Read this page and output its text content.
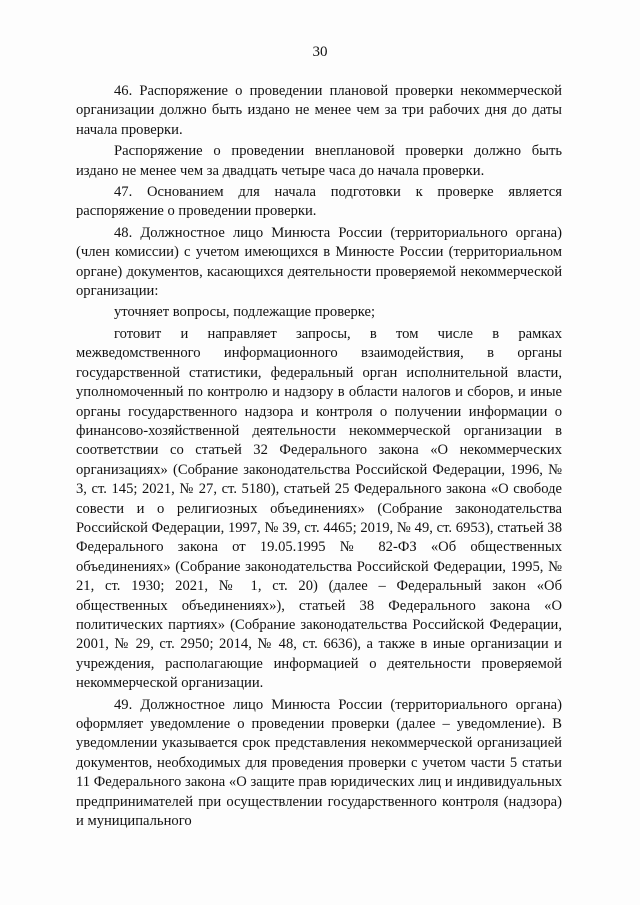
30

46. Распоряжение о проведении плановой проверки некоммерческой организации должно быть издано не менее чем за три рабочих дня до даты начала проверки.

Распоряжение о проведении внеплановой проверки должно быть издано не менее чем за двадцать четыре часа до начала проверки.

47. Основанием для начала подготовки к проверке является распоряжение о проведении проверки.

48. Должностное лицо Минюста России (территориального органа) (член комиссии) с учетом имеющихся в Минюсте России (территориальном органе) документов, касающихся деятельности проверяемой некоммерческой организации:

уточняет вопросы, подлежащие проверке;

готовит и направляет запросы, в том числе в рамках межведомственного информационного взаимодействия, в органы государственной статистики, федеральный орган исполнительной власти, уполномоченный по контролю и надзору в области налогов и сборов, и иные органы государственного надзора и контроля о получении информации о финансово-хозяйственной деятельности некоммерческой организации в соответствии со статьей 32 Федерального закона «О некоммерческих организациях» (Собрание законодательства Российской Федерации, 1996, № 3, ст. 145; 2021, № 27, ст. 5180), статьей 25 Федерального закона «О свободе совести и о религиозных объединениях» (Собрание законодательства Российской Федерации, 1997, № 39, ст. 4465; 2019, № 49, ст. 6953), статьей 38 Федерального закона от 19.05.1995 № 82-ФЗ «Об общественных объединениях» (Собрание законодательства Российской Федерации, 1995, № 21, ст. 1930; 2021, № 1, ст. 20) (далее – Федеральный закон «Об общественных объединениях»), статьей 38 Федерального закона «О политических партиях» (Собрание законодательства Российской Федерации, 2001, № 29, ст. 2950; 2014, № 48, ст. 6636), а также в иные организации и учреждения, располагающие информацией о деятельности проверяемой некоммерческой организации.

49. Должностное лицо Минюста России (территориального органа) оформляет уведомление о проведении проверки (далее – уведомление). В уведомлении указывается срок представления некоммерческой организацией документов, необходимых для проведения проверки с учетом части 5 статьи 11 Федерального закона «О защите прав юридических лиц и индивидуальных предпринимателей при осуществлении государственного контроля (надзора) и муниципального
